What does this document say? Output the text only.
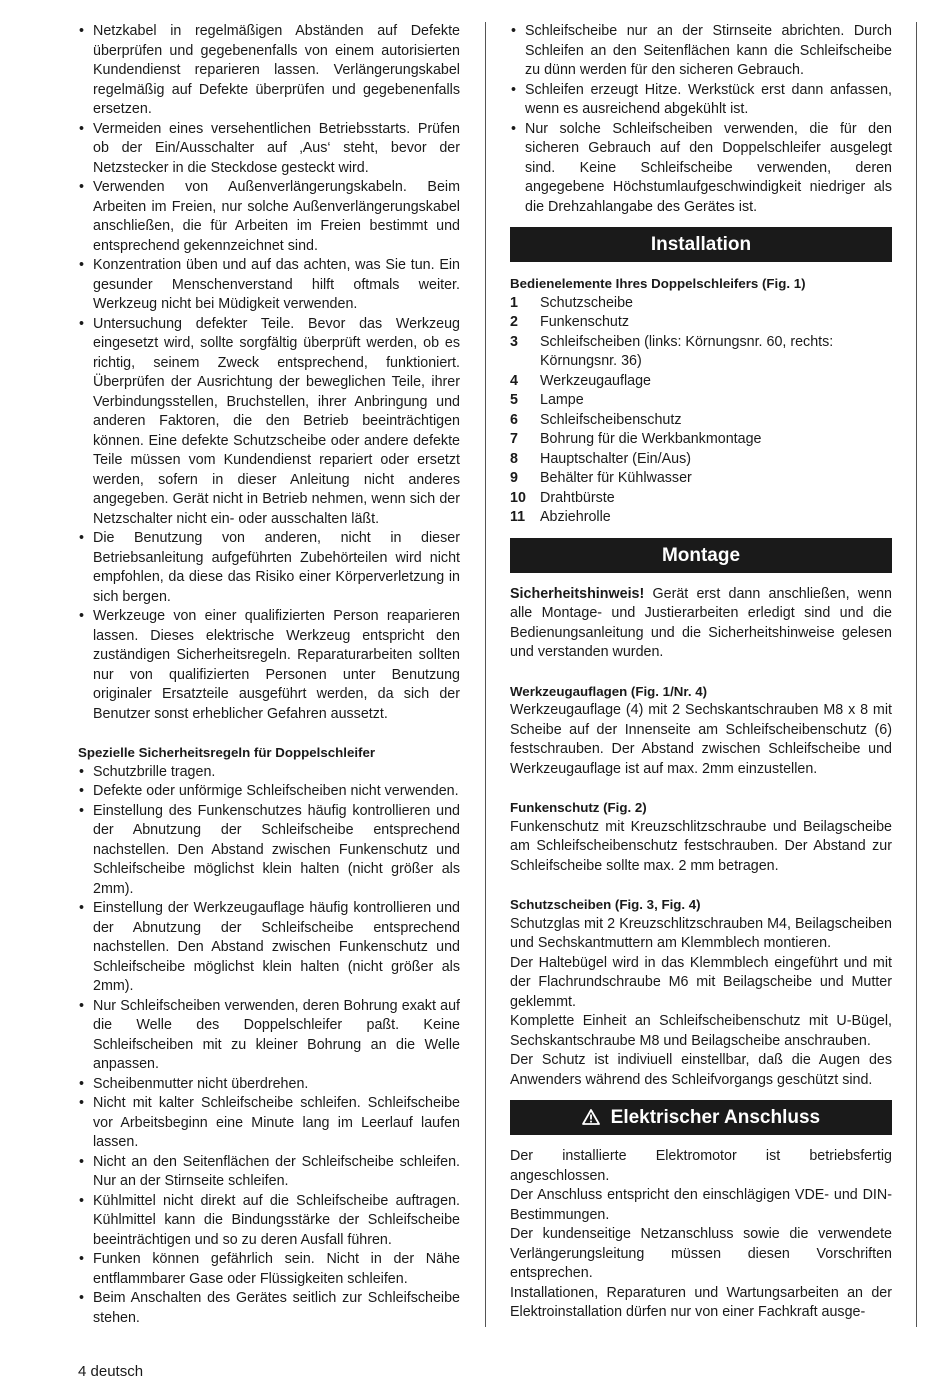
• Netzkabel in regelmäßigen Abständen auf Defekte überprüfen und gegebenenfalls von einem autorisierten Kundendienst reparieren lassen. Verlängerungskabel regelmäßig auf Defekte überprüfen und gegebenenfalls ersetzen.
• Vermeiden eines versehentlichen Betriebsstarts. Prüfen ob der Ein/Ausschalter auf ‚Aus‘ steht, bevor der Netzstecker in die Steckdose gesteckt wird.
• Verwenden von Außenverlängerungskabeln. Beim Arbeiten im Freien, nur solche Außenverlängerungskabel anschließen, die für Arbeiten im Freien bestimmt und entsprechend gekennzeichnet sind.
• Konzentration üben und auf das achten, was Sie tun. Ein gesunder Menschenverstand hilft oftmals weiter. Werkzeug nicht bei Müdigkeit verwenden.
• Untersuchung defekter Teile. Bevor das Werkzeug eingesetzt wird, sollte sorgfältig überprüft werden, ob es richtig, seinem Zweck entsprechend, funktioniert. Überprüfen der Ausrichtung der beweglichen Teile, ihrer Verbindungsstellen, Bruchstellen, ihrer Anbringung und anderen Faktoren, die den Betrieb beeinträchtigen können. Eine defekte Schutzscheibe oder andere defekte Teile müssen vom Kundendienst repariert oder ersetzt werden, sofern in dieser Anleitung nicht anderes angegeben. Gerät nicht in Betrieb nehmen, wenn sich der Netzschalter nicht ein- oder ausschalten läßt.
• Die Benutzung von anderen, nicht in dieser Betriebsanleitung aufgeführten Zubehörteilen wird nicht empfohlen, da diese das Risiko einer Körperverletzung in sich bergen.
• Werkzeuge von einer qualifizierten Person reaparieren lassen. Dieses elektrische Werkzeug entspricht den zuständigen Sicherheitsregeln. Reparaturarbeiten sollten nur von qualifizierten Personen unter Benutzung originaler Ersatzteile ausgeführt werden, da sich der Benutzer sonst erheblicher Gefahren aussetzt.

Spezielle Sicherheitsregeln für Doppelschleifer

• Schutzbrille tragen.
• Defekte oder unförmige Schleifscheiben nicht verwenden.
• Einstellung des Funkenschutzes häufig kontrollieren und der Abnutzung der Schleifscheibe entsprechend nachstellen. Den Abstand zwischen Funkenschutz und Schleifscheibe möglichst klein halten (nicht größer als 2mm).
• Einstellung der Werkzeugauflage häufig kontrollieren und der Abnutzung der Schleifscheibe entsprechend nachstellen. Den Abstand zwischen Funkenschutz und Schleifscheibe möglichst klein halten (nicht größer als 2mm).
• Nur Schleifscheiben verwenden, deren Bohrung exakt auf die Welle des Doppelschleifer paßt. Keine Schleifscheiben mit zu kleiner Bohrung an die Welle anpassen.
• Scheibenmutter nicht überdrehen.
• Nicht mit kalter Schleifscheibe schleifen. Schleifscheibe vor Arbeitsbeginn eine Minute lang im Leerlauf laufen lassen.
• Nicht an den Seitenflächen der Schleifscheibe schleifen. Nur an der Stirnseite schleifen.
• Kühlmittel nicht direkt auf die Schleifscheibe auftragen. Kühlmittel kann die Bindungsstärke der Schleifscheibe beeinträchtigen und so zu deren Ausfall führen.
• Funken können gefährlich sein. Nicht in der Nähe entflammbarer Gase oder Flüssigkeiten schleifen.
• Beim Anschalten des Gerätes seitlich zur Schleifscheibe stehen.
• Schleifscheibe nur an der Stirnseite abrichten. Durch Schleifen an den Seitenflächen kann die Schleifscheibe zu dünn werden für den sicheren Gebrauch.
• Schleifen erzeugt Hitze. Werkstück erst dann anfassen, wenn es ausreichend abgekühlt ist.
• Nur solche Schleifscheiben verwenden, die für den sicheren Gebrauch auf den Doppelschleifer ausgelegt sind. Keine Schleifscheibe verwenden, deren angegebene Höchstumlaufgeschwindigkeit niedriger als die Drehzahlangabe des Gerätes ist.
Installation

Bedienelemente Ihres Doppelschleifers (Fig. 1)

1 Schutzscheibe
2 Funkenschutz
3 Schleifscheiben (links: Körnungsnr. 60, rechts: Körnungsnr. 36)
4 Werkzeugauflage
5 Lampe
6 Schleifscheibenschutz
7 Bohrung für die Werkbankmontage
8 Hauptschalter (Ein/Aus)
9 Behälter für Kühlwasser
10 Drahtbürste
11 Abziehrolle
Montage

Sicherheitshinweis! Gerät erst dann anschließen, wenn alle Montage- und Justierarbeiten erledigt sind und die Bedienungsanleitung und die Sicherheitshinweise gelesen und verstanden wurden.

Werkzeugauflagen (Fig. 1/Nr. 4)

Werkzeugauflage (4) mit 2 Sechskantschrauben M8 x 8 mit Scheibe auf der Innenseite am Schleifscheibenschutz (6) festschrauben. Der Abstand zwischen Schleifscheibe und Werkzeugauflage ist auf max. 2mm einzustellen.

Funkenschutz (Fig. 2)

Funkenschutz mit Kreuzschlitzschraube und Beilagscheibe am Schleifscheibenschutz festschrauben. Der Abstand zur Schleifscheibe sollte max. 2 mm betragen.

Schutzscheiben (Fig. 3, Fig. 4)

Schutzglas mit 2 Kreuzschlitzschrauben M4, Beilagscheiben und Sechskantmuttern am Klemmblech montieren.

Der Haltebügel wird in das Klemmblech eingeführt und mit der Flachrundschraube M6 mit Beilagscheibe und Mutter geklemmt.

Komplette Einheit an Schleifscheibenschutz mit U-Bügel, Sechskantschraube M8 und Beilagscheibe anschrauben.

Der Schutz ist indiviuell einstellbar, daß die Augen des Anwenders während des Schleifvorgangs geschützt sind.

Elektrischer Anschluss

Der installierte Elektromotor ist betriebsfertig angeschlossen.

Der Anschluss entspricht den einschlägigen VDE- und DIN-Bestimmungen.

Der kundenseitige Netzanschluss sowie die verwendete Verlängerungsleitung müssen diesen Vorschriften entsprechen.

Installationen, Reparaturen und Wartungsarbeiten an der Elektroinstallation dürfen nur von einer Fachkraft ausge-

4 deutsch
